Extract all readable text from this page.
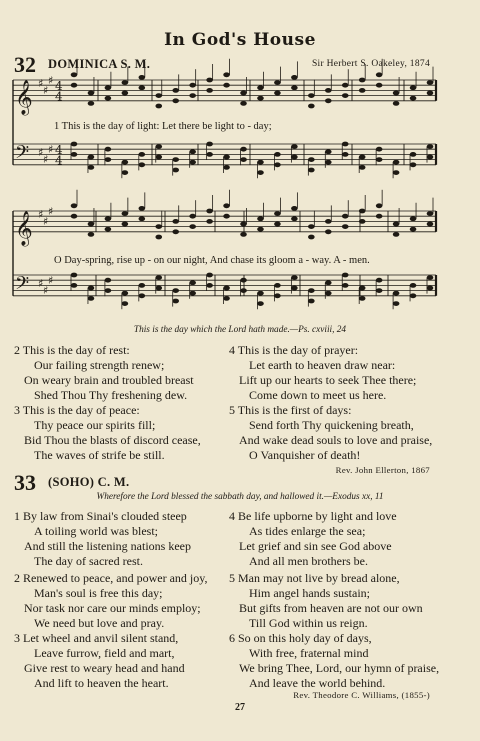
In God's House
32 DOMINICA S. M.	Sir Herbert S. Oakeley, 1874
𝄞
𝄢
♯
♯
♯
♯
♯
♯
4
4
4
4
𝄞
𝄢
♯
♯
♯
♯
♯
♯
1 This is the day of light: Let there be light to - day;
O Day-spring, rise up - on our night, And chase its gloom a - way. A - men.
This is the day which the Lord hath made.—Ps. cxviii, 24
2 This is the day of rest:
Our failing strength renew;
On weary brain and troubled breast
Shed Thou Thy freshening dew.
3 This is the day of peace:
Thy peace our spirits fill;
Bid Thou the blasts of discord cease,
The waves of strife be still.
4 This is the day of prayer:
Let earth to heaven draw near:
Lift up our hearts to seek Thee there;
Come down to meet us here.
5 This is the first of days:
Send forth Thy quickening breath,
And wake dead souls to love and praise,
O Vanquisher of death!
Rev. John Ellerton, 1867
33 (SOHO) C. M.
Wherefore the Lord blessed the sabbath day, and hallowed it.—Exodus xx, 11
1 By law from Sinai's clouded steep
A toiling world was blest;
And still the listening nations keep
The day of sacred rest.
2 Renewed to peace, and power and joy,
Man's soul is free this day;
Nor task nor care our minds employ;
We need but love and pray.
3 Let wheel and anvil silent stand,
Leave furrow, field and mart,
Give rest to weary head and hand
And lift to heaven the heart.
4 Be life upborne by light and love
As tides enlarge the sea;
Let grief and sin see God above
And all men brothers be.
5 Man may not live by bread alone,
Him angel hands sustain;
But gifts from heaven are not our own
Till God within us reign.
6 So on this holy day of days,
With free, fraternal mind
We bring Thee, Lord, our hymn of praise,
And leave the world behind.
Rev. Theodore C. Williams, (1855-)
27
